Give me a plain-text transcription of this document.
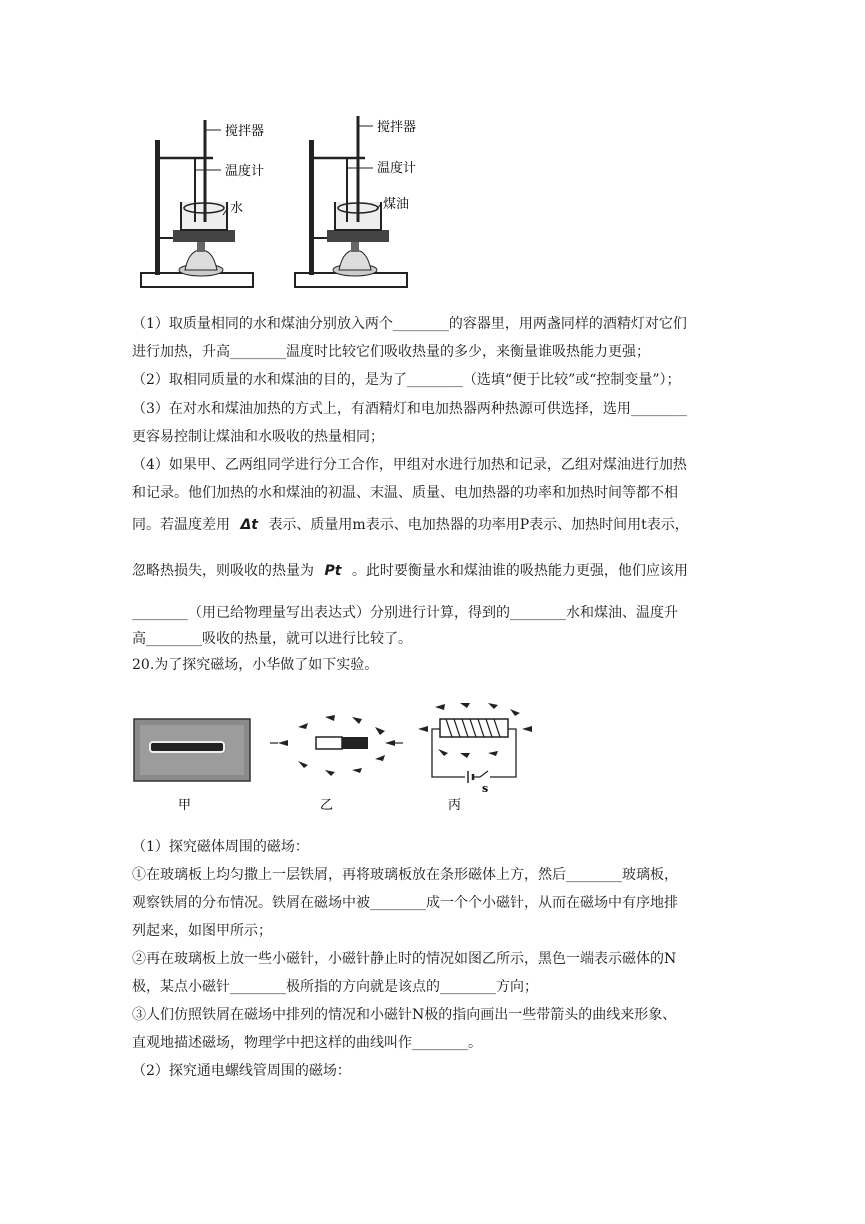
搅拌器
温度计
水
搅拌器
温度计
煤油
（1）取质量相同的水和煤油分别放入两个________的容器里，用两盏同样的酒精灯对它们
进行加热，升高________温度时比较它们吸收热量的多少，来衡量谁吸热能力更强；
（2）取相同质量的水和煤油的目的，是为了________（选填“便于比较”或“控制变量”）；
（3）在对水和煤油加热的方式上，有酒精灯和电加热器两种热源可供选择，选用________
更容易控制让煤油和水吸收的热量相同；
（4）如果甲、乙两组同学进行分工合作，甲组对水进行加热和记录，乙组对煤油进行加热
和记录。他们加热的水和煤油的初温、末温、质量、电加热器的功率和加热时间等都不相
同。若温度差用 Δt 表示、质量用m表示、电加热器的功率用P表示、加热时间用t表示，
忽略热损失，则吸收的热量为 Pt 。此时要衡量水和煤油谁的吸热能力更强，他们应该用
________（用已给物理量写出表达式）分别进行计算，得到的________水和煤油、温度升
高________吸收的热量，就可以进行比较了。
20.为了探究磁场，小华做了如下实验。
甲	乙	丙
s
（1）探究磁体周围的磁场：
①在玻璃板上均匀撒上一层铁屑，再将玻璃板放在条形磁体上方，然后________玻璃板，
观察铁屑的分布情况。铁屑在磁场中被________成一个个小磁针，从而在磁场中有序地排
列起来，如图甲所示；
②再在玻璃板上放一些小磁针，小磁针静止时的情况如图乙所示，黑色一端表示磁体的N
极，某点小磁针________极所指的方向就是该点的________方向；
③人们仿照铁屑在磁场中排列的情况和小磁针N极的指向画出一些带箭头的曲线来形象、
直观地描述磁场，物理学中把这样的曲线叫作________。
（2）探究通电螺线管周围的磁场：
